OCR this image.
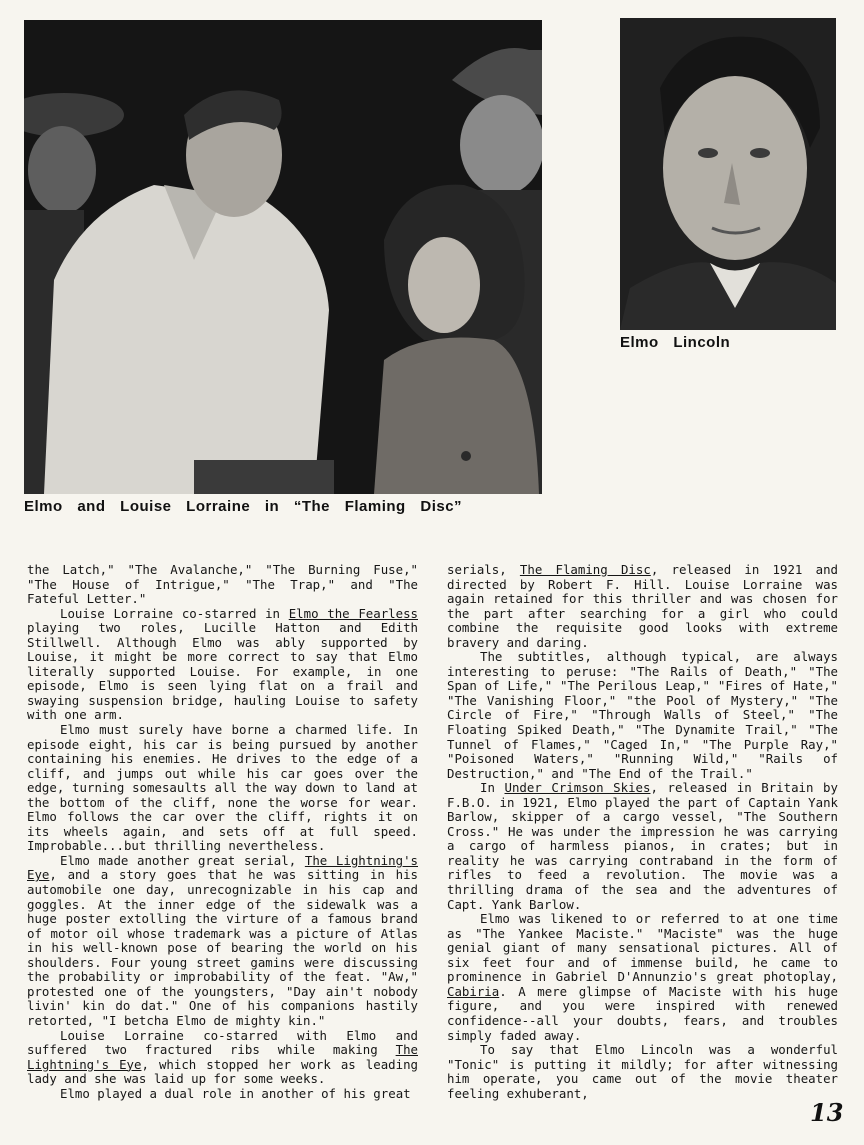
Elmo and Louise Lorraine in “The Flaming Disc”
Elmo Lincoln

the Latch," "The Avalanche," "The Burning Fuse," "The House of Intrigue," "The Trap," and "The Fateful Letter."

Louise Lorraine co-starred in Elmo the Fearless playing two roles, Lucille Hatton and Edith Stillwell. Although Elmo was ably supported by Louise, it might be more correct to say that Elmo literally supported Louise. For example, in one episode, Elmo is seen lying flat on a frail and swaying suspension bridge, hauling Louise to safety with one arm.

Elmo must surely have borne a charmed life. In episode eight, his car is being pursued by another containing his enemies. He drives to the edge of a cliff, and jumps out while his car goes over the edge, turning somesaults all the way down to land at the bottom of the cliff, none the worse for wear. Elmo follows the car over the cliff, rights it on its wheels again, and sets off at full speed. Improbable...but thrilling nevertheless.

Elmo made another great serial, The Lightning's Eye, and a story goes that he was sitting in his automobile one day, unrecognizable in his cap and goggles. At the inner edge of the sidewalk was a huge poster extolling the virture of a famous brand of motor oil whose trademark was a picture of Atlas in his well-known pose of bearing the world on his shoulders. Four young street gamins were discussing the probability or improbability of the feat. "Aw," protested one of the youngsters, "Day ain't nobody livin' kin do dat." One of his companions hastily retorted, "I betcha Elmo de mighty kin."

Louise Lorraine co-starred with Elmo and suffered two fractured ribs while making The Lightning's Eye, which stopped her work as leading lady and she was laid up for some weeks.

Elmo played a dual role in another of his great

serials, The Flaming Disc, released in 1921 and directed by Robert F. Hill. Louise Lorraine was again retained for this thriller and was chosen for the part after searching for a girl who could combine the requisite good looks with extreme bravery and daring.

The subtitles, although typical, are always interesting to peruse: "The Rails of Death," "The Span of Life," "The Perilous Leap," "Fires of Hate," "The Vanishing Floor," "the Pool of Mystery," "The Circle of Fire," "Through Walls of Steel," "The Floating Spiked Death," "The Dynamite Trail," "The Tunnel of Flames," "Caged In," "The Purple Ray," "Poisoned Waters," "Running Wild," "Rails of Destruction," and "The End of the Trail."

In Under Crimson Skies, released in Britain by F.B.O. in 1921, Elmo played the part of Captain Yank Barlow, skipper of a cargo vessel, "The Southern Cross." He was under the impression he was carrying a cargo of harmless pianos, in crates; but in reality he was carrying contraband in the form of rifles to feed a revolution. The movie was a thrilling drama of the sea and the adventures of Capt. Yank Barlow.

Elmo was likened to or referred to at one time as "The Yankee Maciste." "Maciste" was the huge genial giant of many sensational pictures. All of six feet four and of immense build, he came to prominence in Gabriel D'Annunzio's great photoplay, Cabiria. A mere glimpse of Maciste with his huge figure, and you were inspired with renewed confidence--all your doubts, fears, and troubles simply faded away.

To say that Elmo Lincoln was a wonderful "Tonic" is putting it mildly; for after witnessing him operate, you came out of the movie theater feeling exhuberant,

13
